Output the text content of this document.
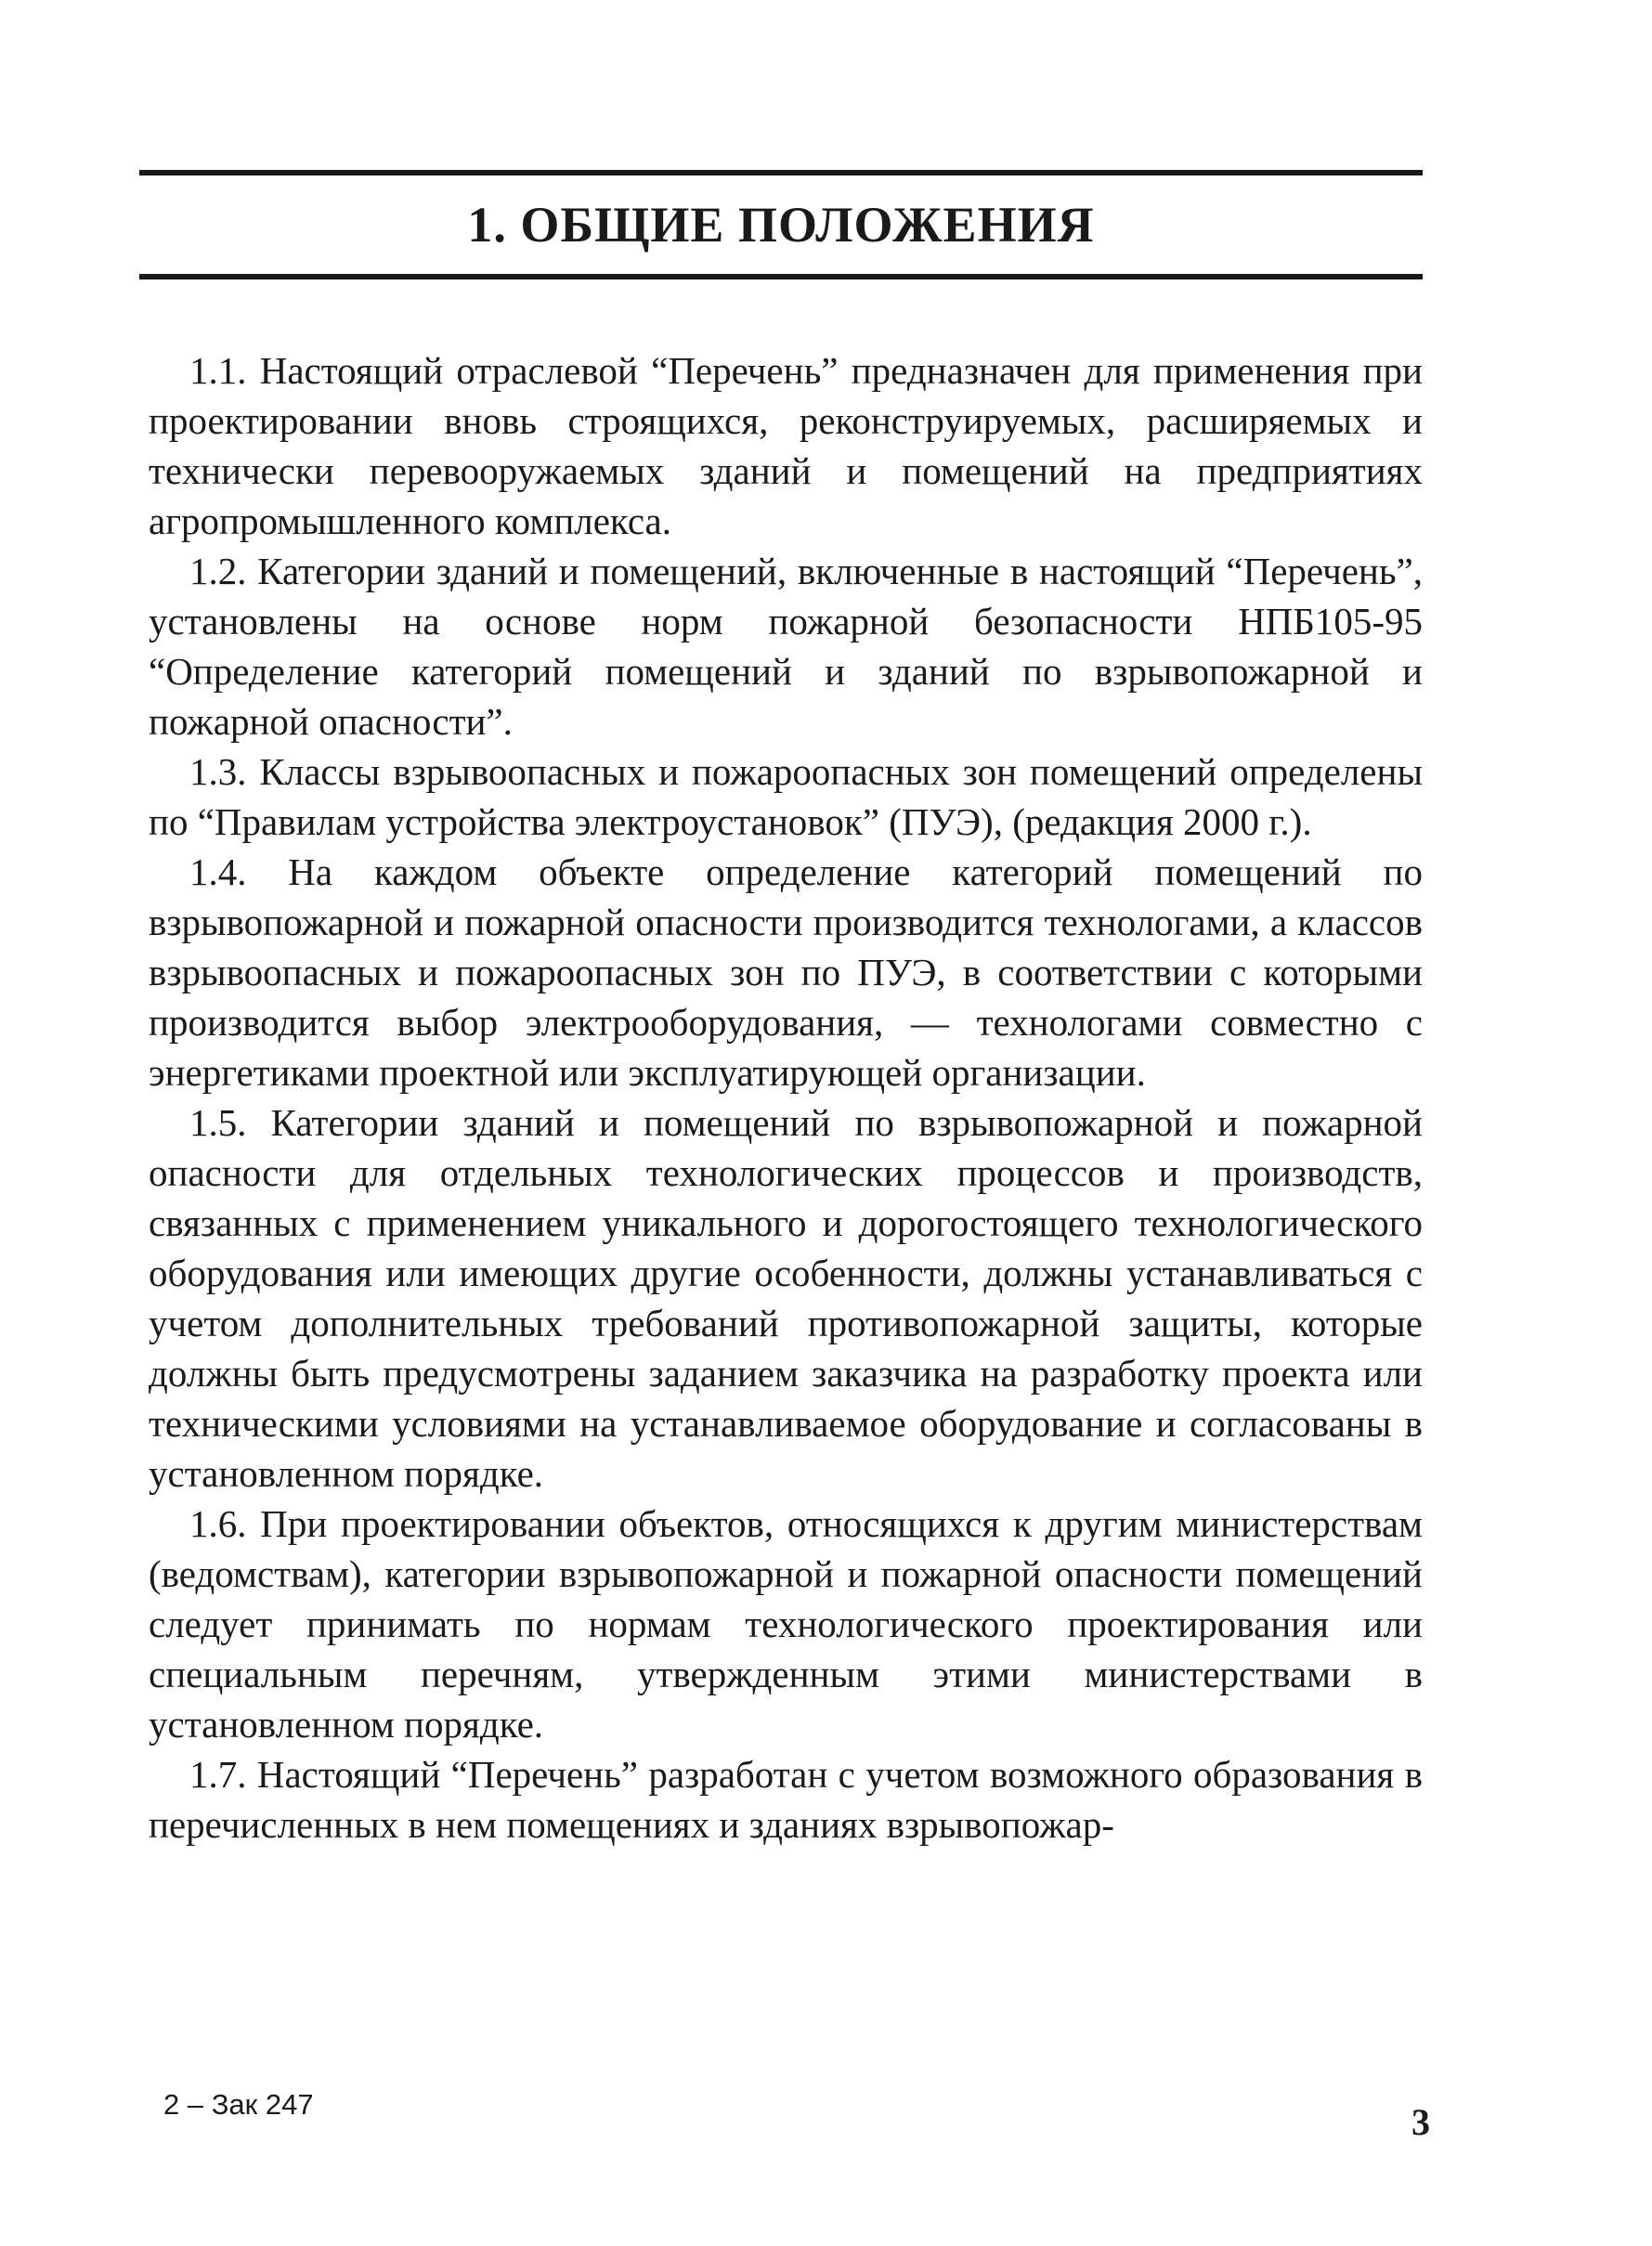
1. ОБЩИЕ ПОЛОЖЕНИЯ

1.1. Настоящий отраслевой “Перечень” предназначен для применения при проектировании вновь строящихся, реконструируемых, расширяемых и технически перевооружаемых зданий и помещений на предприятиях агропромышленного комплекса.

1.2. Категории зданий и помещений, включенные в настоящий “Перечень”, установлены на основе норм пожарной безопасности НПБ105-95 “Определение категорий помещений и зданий по взрывопожарной и пожарной опасности”.

1.3. Классы взрывоопасных и пожароопасных зон помещений определены по “Правилам устройства электроустановок” (ПУЭ), (редакция 2000 г.).

1.4. На каждом объекте определение категорий помещений по взрывопожарной и пожарной опасности производится технологами, а классов взрывоопасных и пожароопасных зон по ПУЭ, в соответствии с которыми производится выбор электрооборудования, — технологами совместно с энергетиками проектной или эксплуатирующей организации.

1.5. Категории зданий и помещений по взрывопожарной и пожарной опасности для отдельных технологических процессов и производств, связанных с применением уникального и дорогостоящего технологического оборудования или имеющих другие особенности, должны устанавливаться с учетом дополнительных требований противопожарной защиты, которые должны быть предусмотрены заданием заказчика на разработку проекта или техническими условиями на устанавливаемое оборудование и согласованы в установленном порядке.

1.6. При проектировании объектов, относящихся к другим министерствам (ведомствам), категории взрывопожарной и пожарной опасности помещений следует принимать по нормам технологического проектирования или специальным перечням, утвержденным этими министерствами в установленном порядке.

1.7. Настоящий “Перечень” разработан с учетом возможного образования в перечисленных в нем помещениях и зданиях взрывопожар-

2 – Зак 247	3
